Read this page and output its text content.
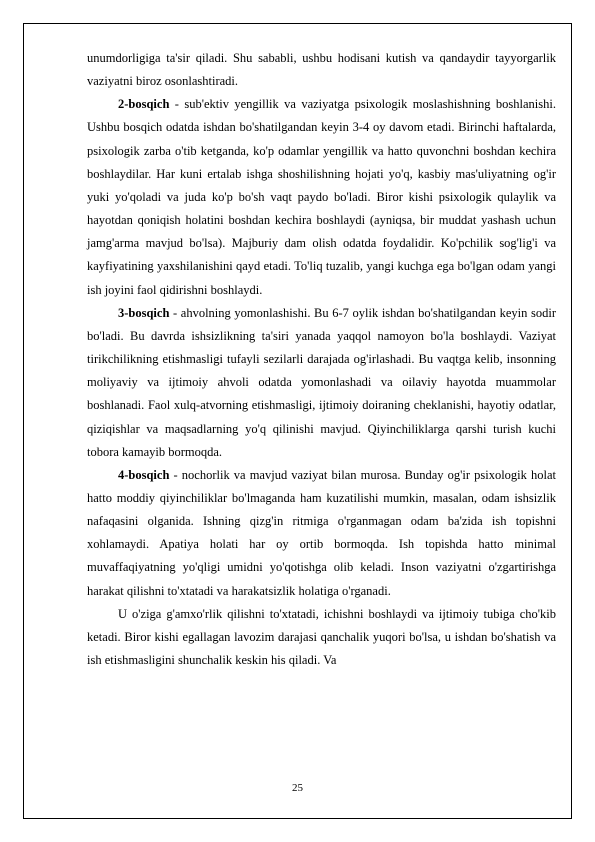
unumdorligiga ta'sir qiladi. Shu sababli, ushbu hodisani kutish va qandaydir tayyorgarlik vaziyatni biroz osonlashtiradi.

2-bosqich - sub'ektiv yengillik va vaziyatga psixologik moslashishning boshlanishi. Ushbu bosqich odatda ishdan bo'shatilgandan keyin 3-4 oy davom etadi. Birinchi haftalarda, psixologik zarba o'tib ketganda, ko'p odamlar yengillik va hatto quvonchni boshdan kechira boshlaydilar. Har kuni ertalab ishga shoshilishning hojati yo'q, kasbiy mas'uliyatning og'ir yuki yo'qoladi va juda ko'p bo'sh vaqt paydo bo'ladi. Biror kishi psixologik qulaylik va hayotdan qoniqish holatini boshdan kechira boshlaydi (ayniqsa, bir muddat yashash uchun jamg'arma mavjud bo'lsa). Majburiy dam olish odatda foydalidir. Ko'pchilik sog'lig'i va kayfiyatining yaxshilanishini qayd etadi. To'liq tuzalib, yangi kuchga ega bo'lgan odam yangi ish joyini faol qidirishni boshlaydi.

3-bosqich - ahvolning yomonlashishi. Bu 6-7 oylik ishdan bo'shatilgandan keyin sodir bo'ladi. Bu davrda ishsizlikning ta'siri yanada yaqqol namoyon bo'la boshlaydi. Vaziyat tirikchilikning etishmasligi tufayli sezilarli darajada og'irlashadi. Bu vaqtga kelib, insonning moliyaviy va ijtimoiy ahvoli odatda yomonlashadi va oilaviy hayotda muammolar boshlanadi. Faol xulq-atvorning etishmasligi, ijtimoiy doiraning cheklanishi, hayotiy odatlar, qiziqishlar va maqsadlarning yo'q qilinishi mavjud. Qiyinchiliklarga qarshi turish kuchi tobora kamayib bormoqda.

4-bosqich - nochorlik va mavjud vaziyat bilan murosa. Bunday og'ir psixologik holat hatto moddiy qiyinchiliklar bo'lmaganda ham kuzatilishi mumkin, masalan, odam ishsizlik nafaqasini olganida. Ishning qizg'in ritmiga o'rganmagan odam ba'zida ish topishni xohlamaydi. Apatiya holati har oy ortib bormoqda. Ish topishda hatto minimal muvaffaqiyatning yo'qligi umidni yo'qotishga olib keladi. Inson vaziyatni o'zgartirishga harakat qilishni to'xtatadi va harakatsizlik holatiga o'rganadi.

U o'ziga g'amxo'rlik qilishni to'xtatadi, ichishni boshlaydi va ijtimoiy tubiga cho'kib ketadi. Biror kishi egallagan lavozim darajasi qanchalik yuqori bo'lsa, u ishdan bo'shatish va ish etishmasligini shunchalik keskin his qiladi. Va

25
